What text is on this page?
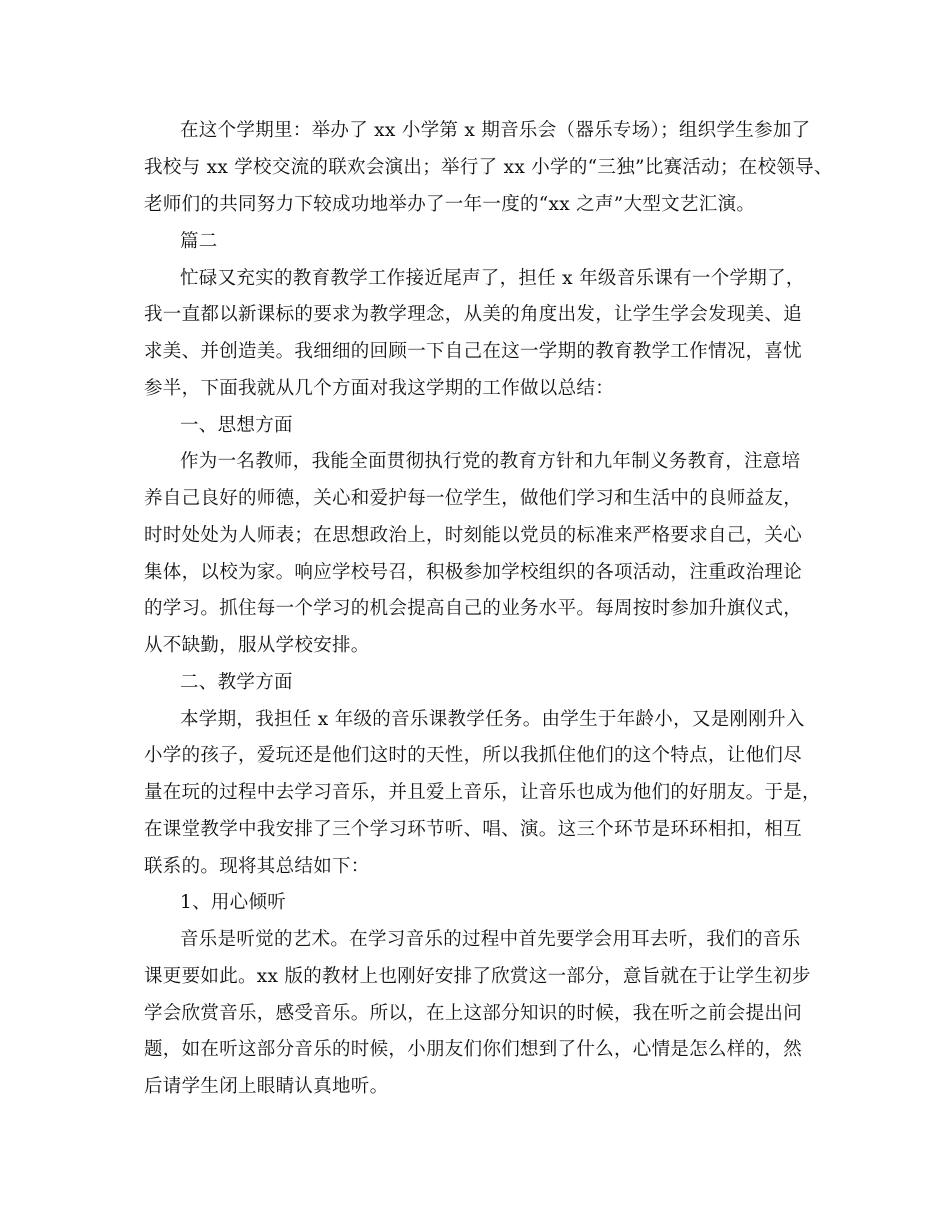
在这个学期里：举办了 xx 小学第 x 期音乐会（器乐专场）；组织学生参加了
我校与 xx 学校交流的联欢会演出；举行了 xx 小学的“三独”比赛活动；在校领导、
老师们的共同努力下较成功地举办了一年一度的“xx 之声”大型文艺汇演。
篇二
忙碌又充实的教育教学工作接近尾声了，担任 x 年级音乐课有一个学期了，
我一直都以新课标的要求为教学理念，从美的角度出发，让学生学会发现美、追
求美、并创造美。我细细的回顾一下自己在这一学期的教育教学工作情况，喜忧
参半，下面我就从几个方面对我这学期的工作做以总结：
一、思想方面
作为一名教师，我能全面贯彻执行党的教育方针和九年制义务教育，注意培
养自己良好的师德，关心和爱护每一位学生，做他们学习和生活中的良师益友，
时时处处为人师表；在思想政治上，时刻能以党员的标准来严格要求自己，关心
集体，以校为家。响应学校号召，积极参加学校组织的各项活动，注重政治理论
的学习。抓住每一个学习的机会提高自己的业务水平。每周按时参加升旗仪式，
从不缺勤，服从学校安排。
二、教学方面
本学期，我担任 x 年级的音乐课教学任务。由学生于年龄小，又是刚刚升入
小学的孩子，爱玩还是他们这时的天性，所以我抓住他们的这个特点，让他们尽
量在玩的过程中去学习音乐，并且爱上音乐，让音乐也成为他们的好朋友。于是，
在课堂教学中我安排了三个学习环节听、唱、演。这三个环节是环环相扣，相互
联系的。现将其总结如下：
1、用心倾听
音乐是听觉的艺术。在学习音乐的过程中首先要学会用耳去听，我们的音乐
课更要如此。xx 版的教材上也刚好安排了欣赏这一部分，意旨就在于让学生初步
学会欣赏音乐，感受音乐。所以，在上这部分知识的时候，我在听之前会提出问
题，如在听这部分音乐的时候，小朋友们你们想到了什么，心情是怎么样的，然
后请学生闭上眼睛认真地听。
